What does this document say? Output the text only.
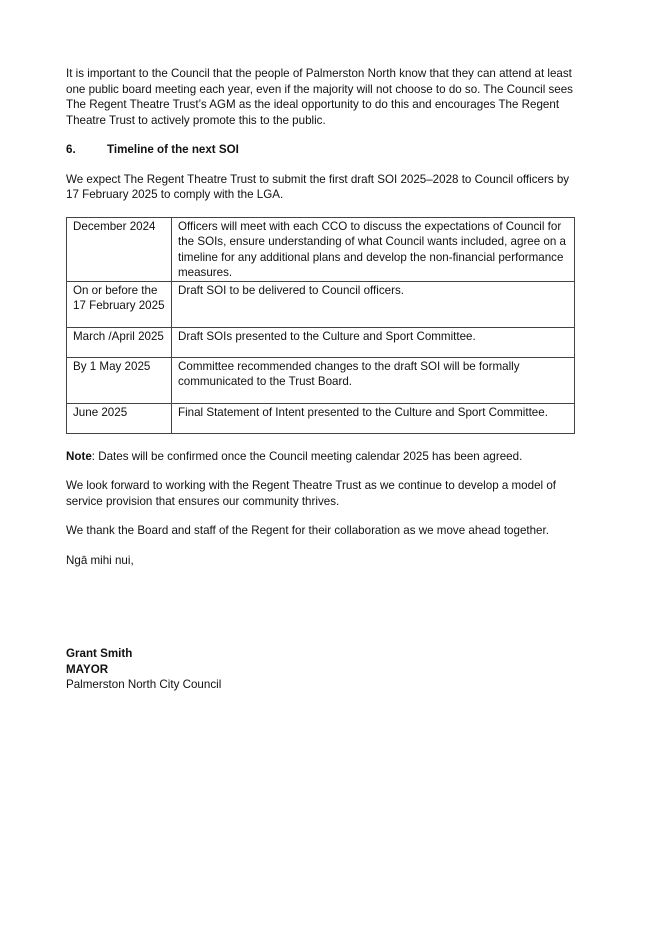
It is important to the Council that the people of Palmerston North know that they can attend at least one public board meeting each year, even if the majority will not choose to do so. The Council sees The Regent Theatre Trust’s AGM as the ideal opportunity to do this and encourages The Regent Theatre Trust to actively promote this to the public.

6.	Timeline of the next SOI

We expect The Regent Theatre Trust to submit the first draft SOI 2025–2028 to Council officers by 17 February 2025 to comply with the LGA.

December 2024	Officers will meet with each CCO to discuss the expectations of Council for the SOIs, ensure understanding of what Council wants included, agree on a timeline for any additional plans and develop the non-financial performance measures.
On or before the 17 February 2025	Draft SOI to be delivered to Council officers.
March /April 2025	Draft SOIs presented to the Culture and Sport Committee.
By 1 May 2025	Committee recommended changes to the draft SOI will be formally communicated to the Trust Board.
June 2025	Final Statement of Intent presented to the Culture and Sport Committee.

Note: Dates will be confirmed once the Council meeting calendar 2025 has been agreed.

We look forward to working with the Regent Theatre Trust as we continue to develop a model of service provision that ensures our community thrives.

We thank the Board and staff of the Regent for their collaboration as we move ahead together.

Ngā mihi nui,

Grant Smith
MAYOR
Palmerston North City Council
